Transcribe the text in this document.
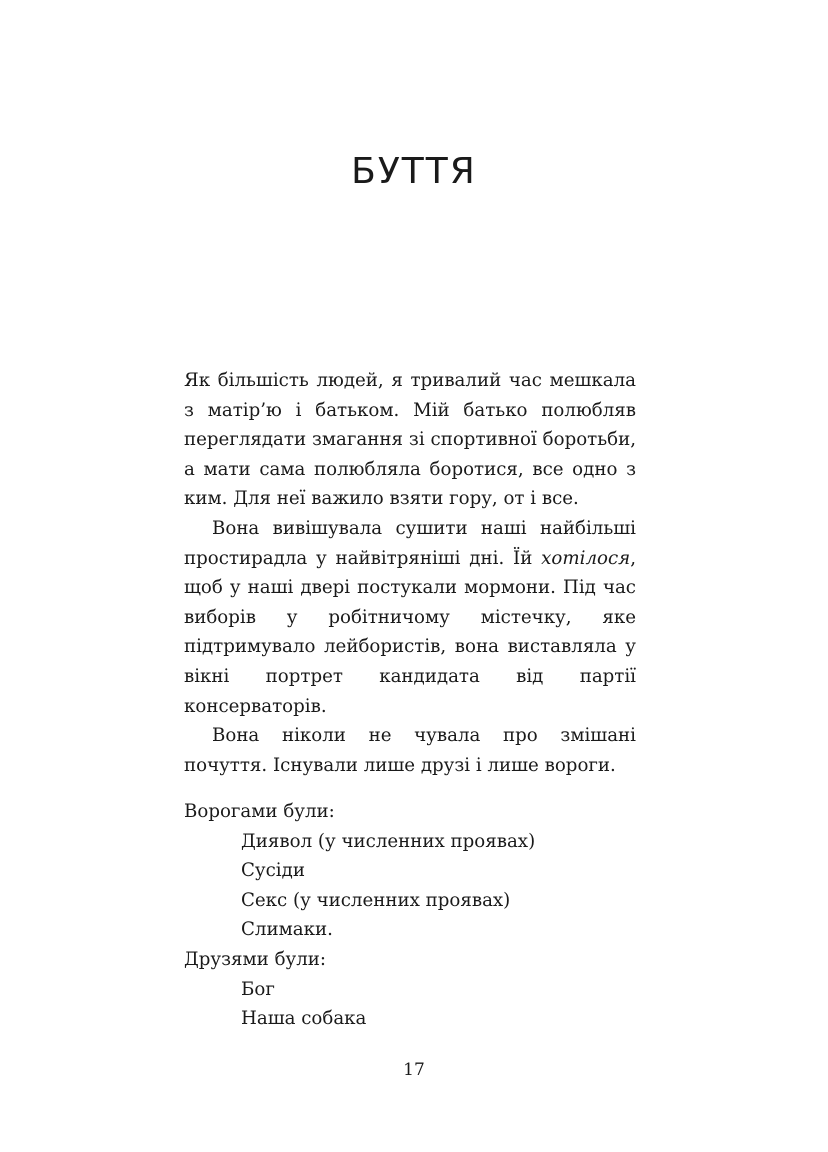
БУТТЯ

Як більшість людей, я тривалий час мешкала з матір’ю і батьком. Мій батько полюбляв переглядати змагання зі спортивної боротьби, а мати сама полюбляла боротися, все одно з ким. Для неї важило взяти гору, от і все.

Вона вивішувала сушити наші найбільші простирадла у найвітряніші дні. Їй хотілося, щоб у наші двері постукали мормони. Під час виборів у робітничому містечку, яке підтримувало лейбористів, вона виставляла у вікні портрет кандидата від партії консерваторів.

Вона ніколи не чувала про змішані почуття. Існували лише друзі і лише вороги.

Ворогами були:

Диявол (у численних проявах)
Сусіди
Секс (у численних проявах)
Слимаки.

Друзями були:

Бог
Наша собака
17
